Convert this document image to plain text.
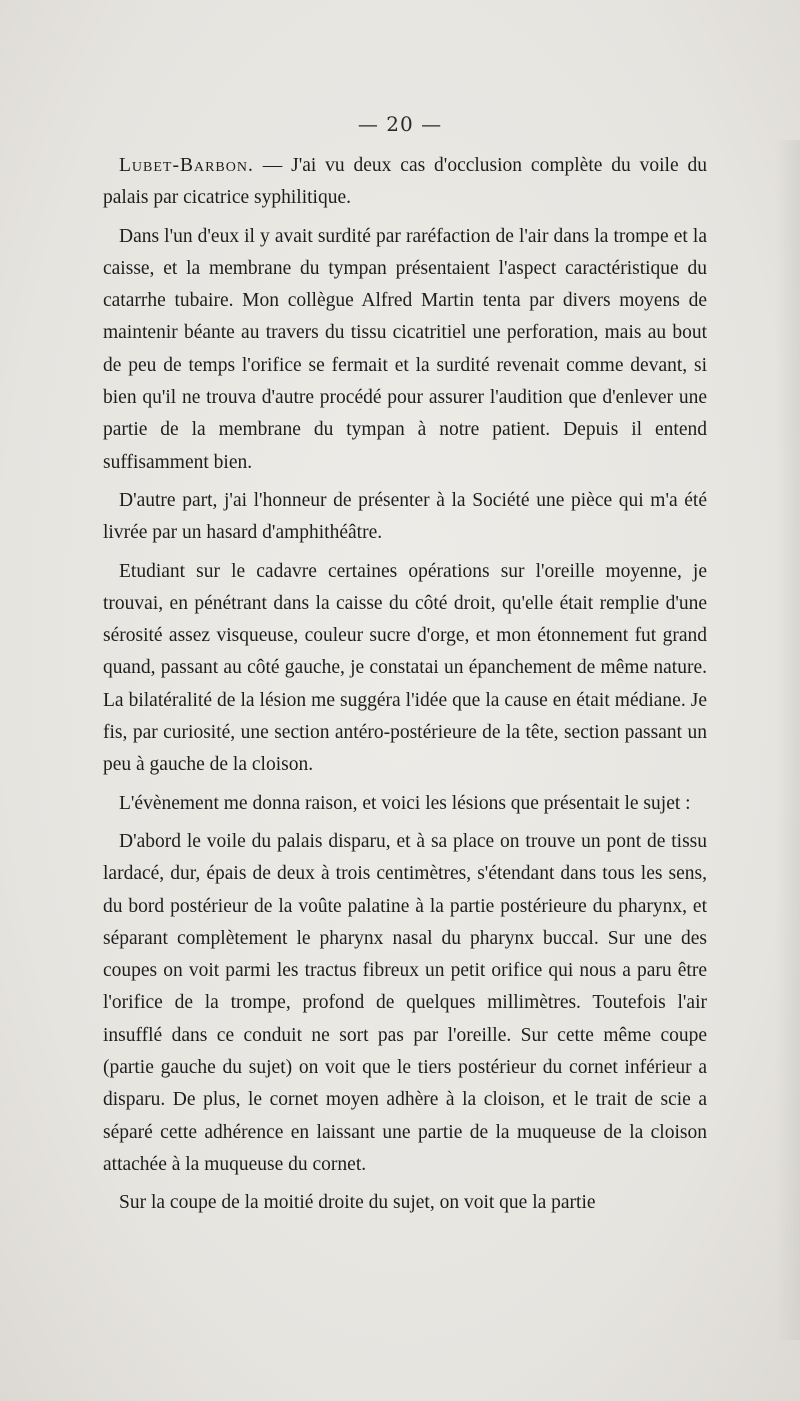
— 20 —

Lubet-Barbon. — J'ai vu deux cas d'occlusion complète du voile du palais par cicatrice syphilitique.

Dans l'un d'eux il y avait surdité par raréfaction de l'air dans la trompe et la caisse, et la membrane du tympan présentaient l'aspect caractéristique du catarrhe tubaire. Mon collègue Alfred Martin tenta par divers moyens de maintenir béante au travers du tissu cicatritiel une perforation, mais au bout de peu de temps l'orifice se fermait et la surdité revenait comme devant, si bien qu'il ne trouva d'autre procédé pour assurer l'audition que d'enlever une partie de la membrane du tympan à notre patient. Depuis il entend suffisamment bien.

D'autre part, j'ai l'honneur de présenter à la Société une pièce qui m'a été livrée par un hasard d'amphithéâtre.

Etudiant sur le cadavre certaines opérations sur l'oreille moyenne, je trouvai, en pénétrant dans la caisse du côté droit, qu'elle était remplie d'une sérosité assez visqueuse, couleur sucre d'orge, et mon étonnement fut grand quand, passant au côté gauche, je constatai un épanchement de même nature. La bilatéralité de la lésion me suggéra l'idée que la cause en était médiane. Je fis, par curiosité, une section antéro-postérieure de la tête, section passant un peu à gauche de la cloison.

L'évènement me donna raison, et voici les lésions que présentait le sujet :

D'abord le voile du palais disparu, et à sa place on trouve un pont de tissu lardacé, dur, épais de deux à trois centimètres, s'étendant dans tous les sens, du bord postérieur de la voûte palatine à la partie postérieure du pharynx, et séparant complètement le pharynx nasal du pharynx buccal. Sur une des coupes on voit parmi les tractus fibreux un petit orifice qui nous a paru être l'orifice de la trompe, profond de quelques millimètres. Toutefois l'air insufflé dans ce conduit ne sort pas par l'oreille. Sur cette même coupe (partie gauche du sujet) on voit que le tiers postérieur du cornet inférieur a disparu. De plus, le cornet moyen adhère à la cloison, et le trait de scie a séparé cette adhérence en laissant une partie de la muqueuse de la cloison attachée à la muqueuse du cornet.

Sur la coupe de la moitié droite du sujet, on voit que la partie
